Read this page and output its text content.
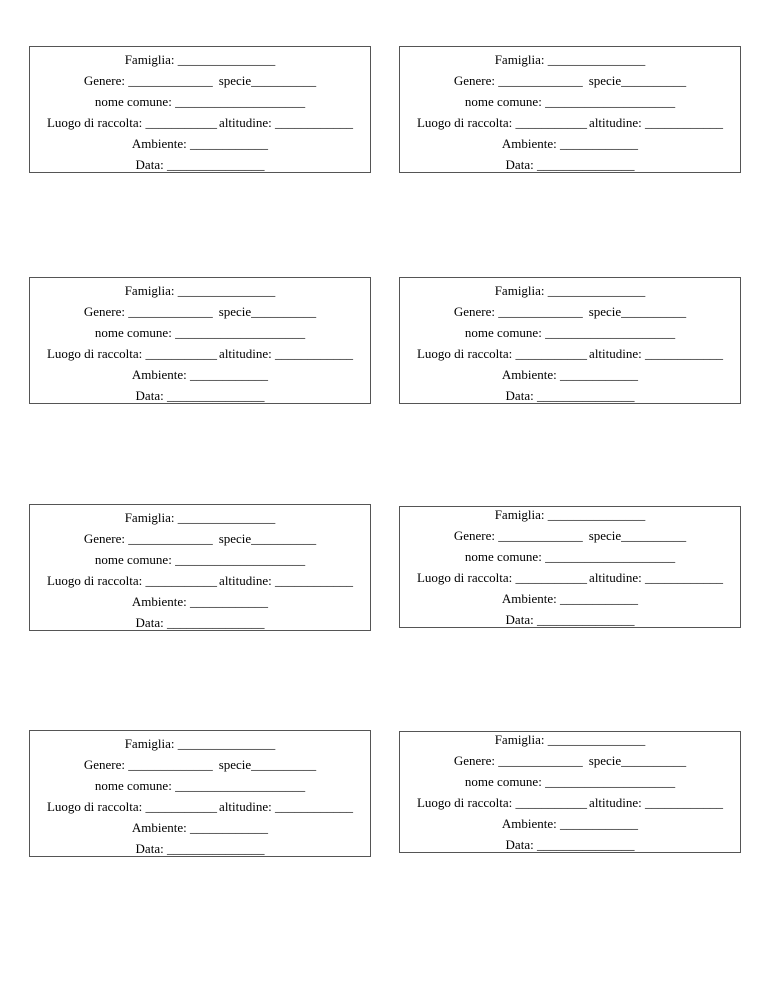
Famiglia: _______________
Genere: _____________ specie__________
nome comune: ____________________
Luogo di raccolta: ___________ altitudine: ____________
Ambiente: ____________
Data: _______________
Famiglia: _______________
Genere: _____________ specie__________
nome comune: ____________________
Luogo di raccolta: ___________ altitudine: ____________
Ambiente: ____________
Data: _______________
Famiglia: _______________
Genere: _____________ specie__________
nome comune: ____________________
Luogo di raccolta: ___________ altitudine: ____________
Ambiente: ____________
Data: _______________
Famiglia: _______________
Genere: _____________ specie__________
nome comune: ____________________
Luogo di raccolta: ___________ altitudine: ____________
Ambiente: ____________
Data: _______________
Famiglia: _______________
Genere: _____________ specie__________
nome comune: ____________________
Luogo di raccolta: ___________ altitudine: ____________
Ambiente: ____________
Data: _______________
Famiglia: _______________
Genere: _____________ specie__________
nome comune: ____________________
Luogo di raccolta: ___________ altitudine: ____________
Ambiente: ____________
Data: _______________
Famiglia: _______________
Genere: _____________ specie__________
nome comune: ____________________
Luogo di raccolta: ___________ altitudine: ____________
Ambiente: ____________
Data: _______________
Famiglia: _______________
Genere: _____________ specie__________
nome comune: ____________________
Luogo di raccolta: ___________ altitudine: ____________
Ambiente: ____________
Data: _______________
